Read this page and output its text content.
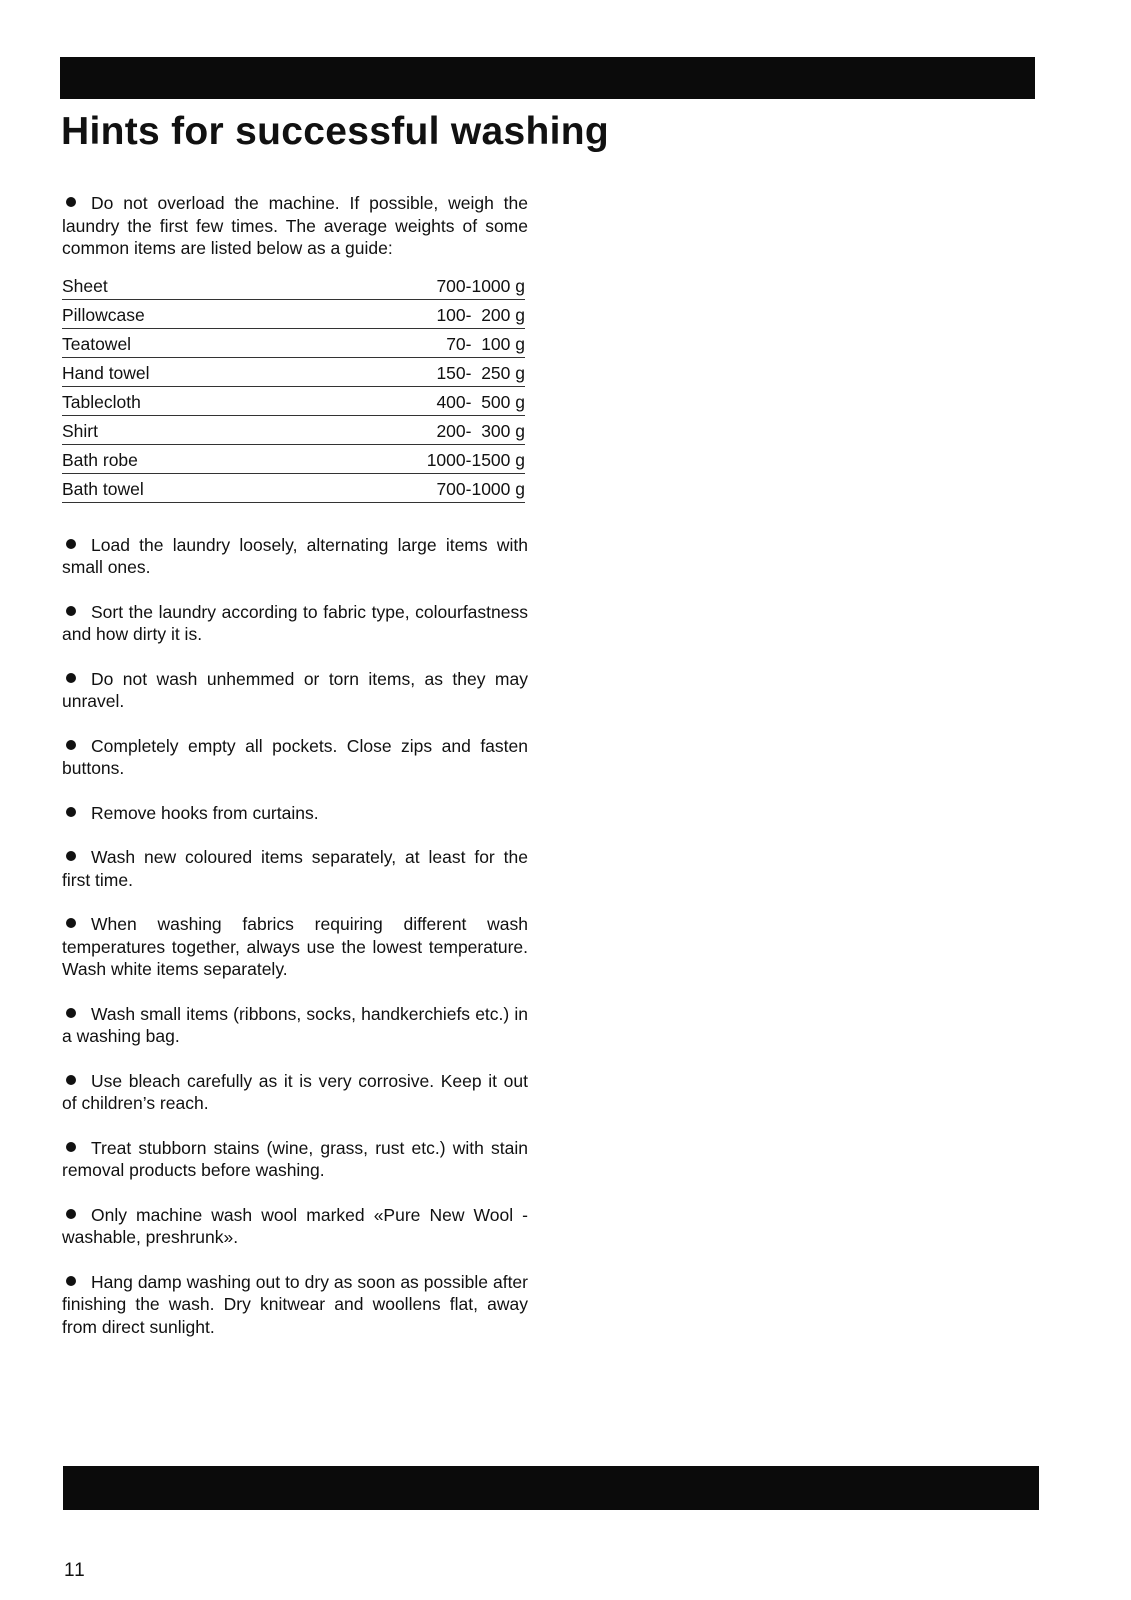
Hints for successful washing

Do not overload the machine. If possible, weigh the laundry the first few times. The average weights of some common items are listed below as a guide:

Sheet	700-1000 g
Pillowcase	100-  200 g
Teatowel	70-  100 g
Hand towel	150-  250 g
Tablecloth	400-  500 g
Shirt	200-  300 g
Bath robe	1000-1500 g
Bath towel	700-1000 g

Load the laundry loosely, alternating large items with small ones.

Sort the laundry according to fabric type, colourfastness and how dirty it is.

Do not wash unhemmed or torn items, as they may unravel.

Completely empty all pockets. Close zips and fasten buttons.

Remove hooks from curtains.

Wash new coloured items separately, at least for the first time.

When washing fabrics requiring different wash temperatures together, always use the lowest temperature. Wash white items separately.

Wash small items (ribbons, socks, handkerchiefs etc.) in a washing bag.

Use bleach carefully as it is very corrosive. Keep it out of children’s reach.

Treat stubborn stains (wine, grass, rust etc.) with stain removal products before washing.

Only machine wash wool marked «Pure New Wool - washable, preshrunk».

Hang damp washing out to dry as soon as possible after finishing the wash. Dry knitwear and woollens flat, away from direct sunlight.

11
